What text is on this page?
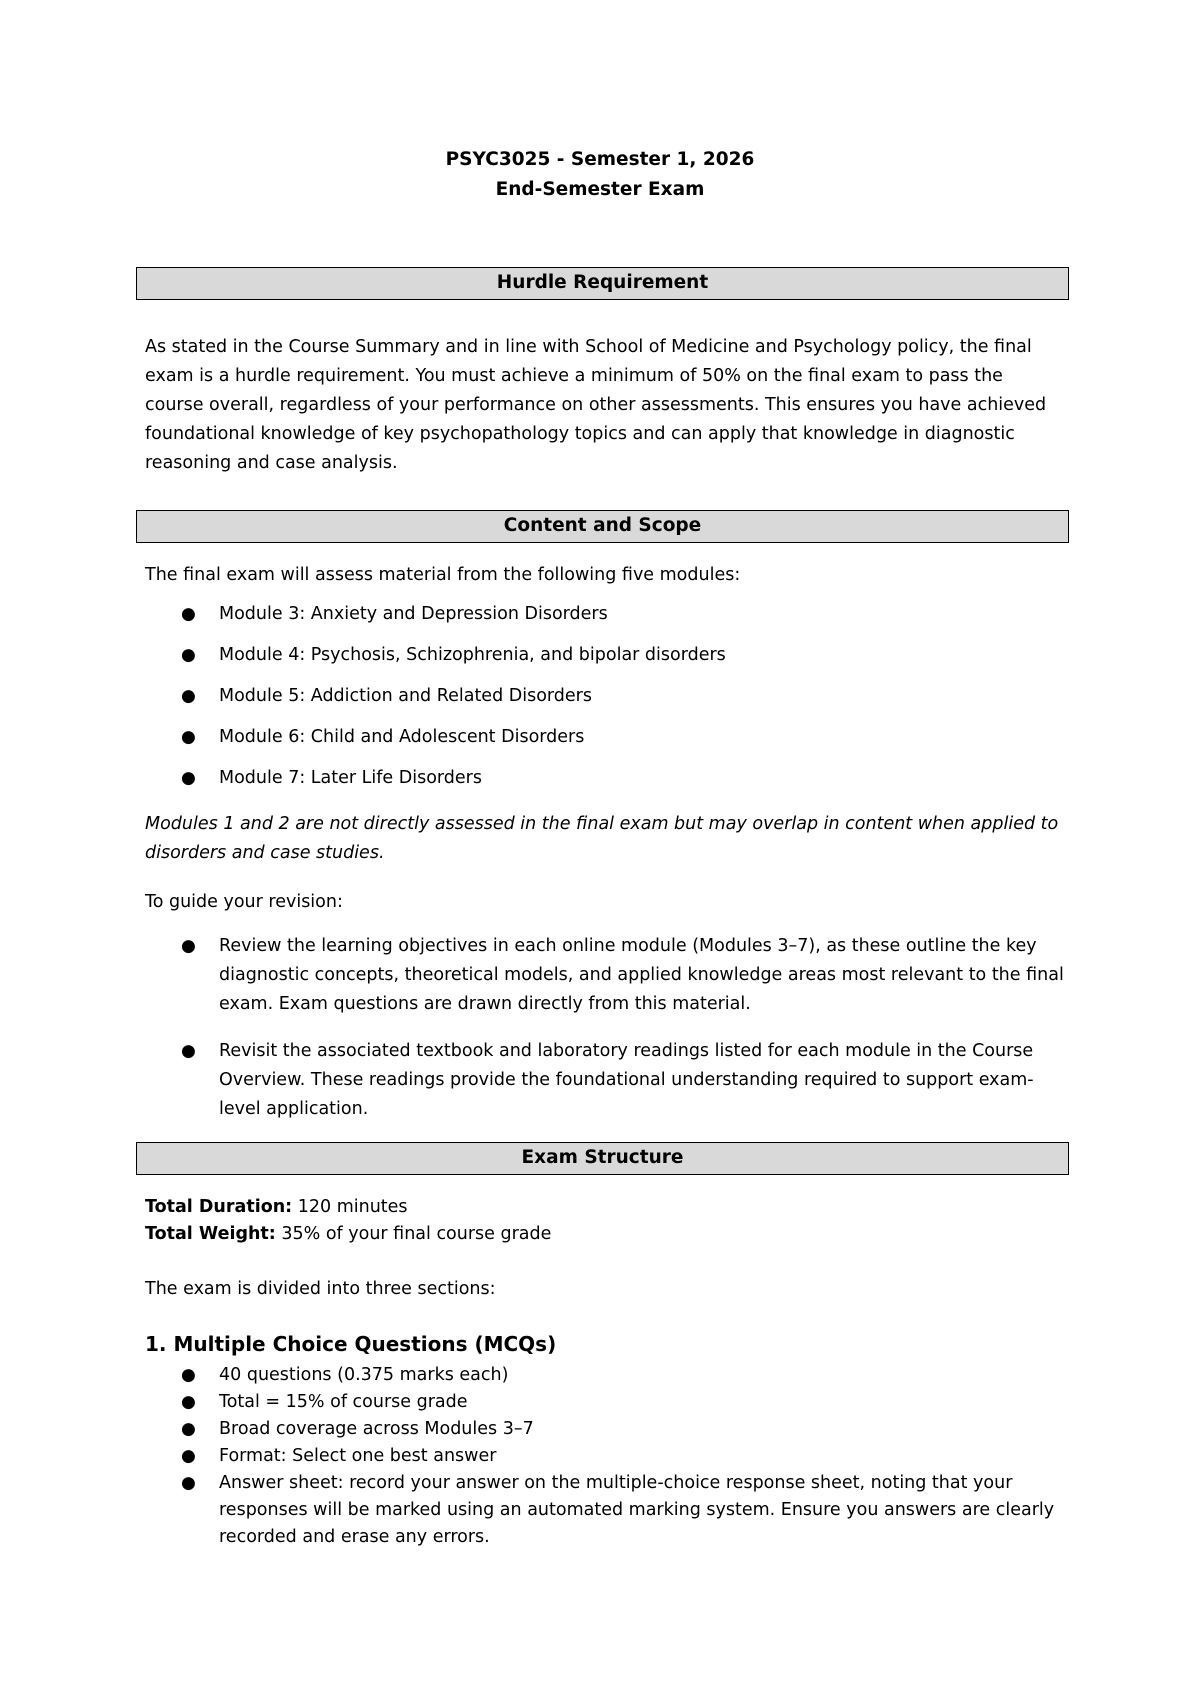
PSYC3025 - Semester 1, 2026
End-Semester Exam
Hurdle Requirement

As stated in the Course Summary and in line with School of Medicine and Psychology policy, the final exam is a hurdle requirement. You must achieve a minimum of 50% on the final exam to pass the course overall, regardless of your performance on other assessments. This ensures you have achieved foundational knowledge of key psychopathology topics and can apply that knowledge in diagnostic reasoning and case analysis.

Content and Scope

The final exam will assess material from the following five modules:

● Module 3: Anxiety and Depression Disorders
● Module 4: Psychosis, Schizophrenia, and bipolar disorders
● Module 5: Addiction and Related Disorders
● Module 6: Child and Adolescent Disorders
● Module 7: Later Life Disorders

Modules 1 and 2 are not directly assessed in the final exam but may overlap in content when applied to disorders and case studies.

To guide your revision:

● Review the learning objectives in each online module (Modules 3–7), as these outline the key diagnostic concepts, theoretical models, and applied knowledge areas most relevant to the final exam. Exam questions are drawn directly from this material.
● Revisit the associated textbook and laboratory readings listed for each module in the Course Overview. These readings provide the foundational understanding required to support exam-level application.
Exam Structure

Total Duration: 120 minutes

Total Weight: 35% of your final course grade

The exam is divided into three sections:

1. Multiple Choice Questions (MCQs)

● 40 questions (0.375 marks each)
● Total = 15% of course grade
● Broad coverage across Modules 3–7
● Format: Select one best answer
● Answer sheet: record your answer on the multiple-choice response sheet, noting that your responses will be marked using an automated marking system. Ensure you answers are clearly recorded and erase any errors.
